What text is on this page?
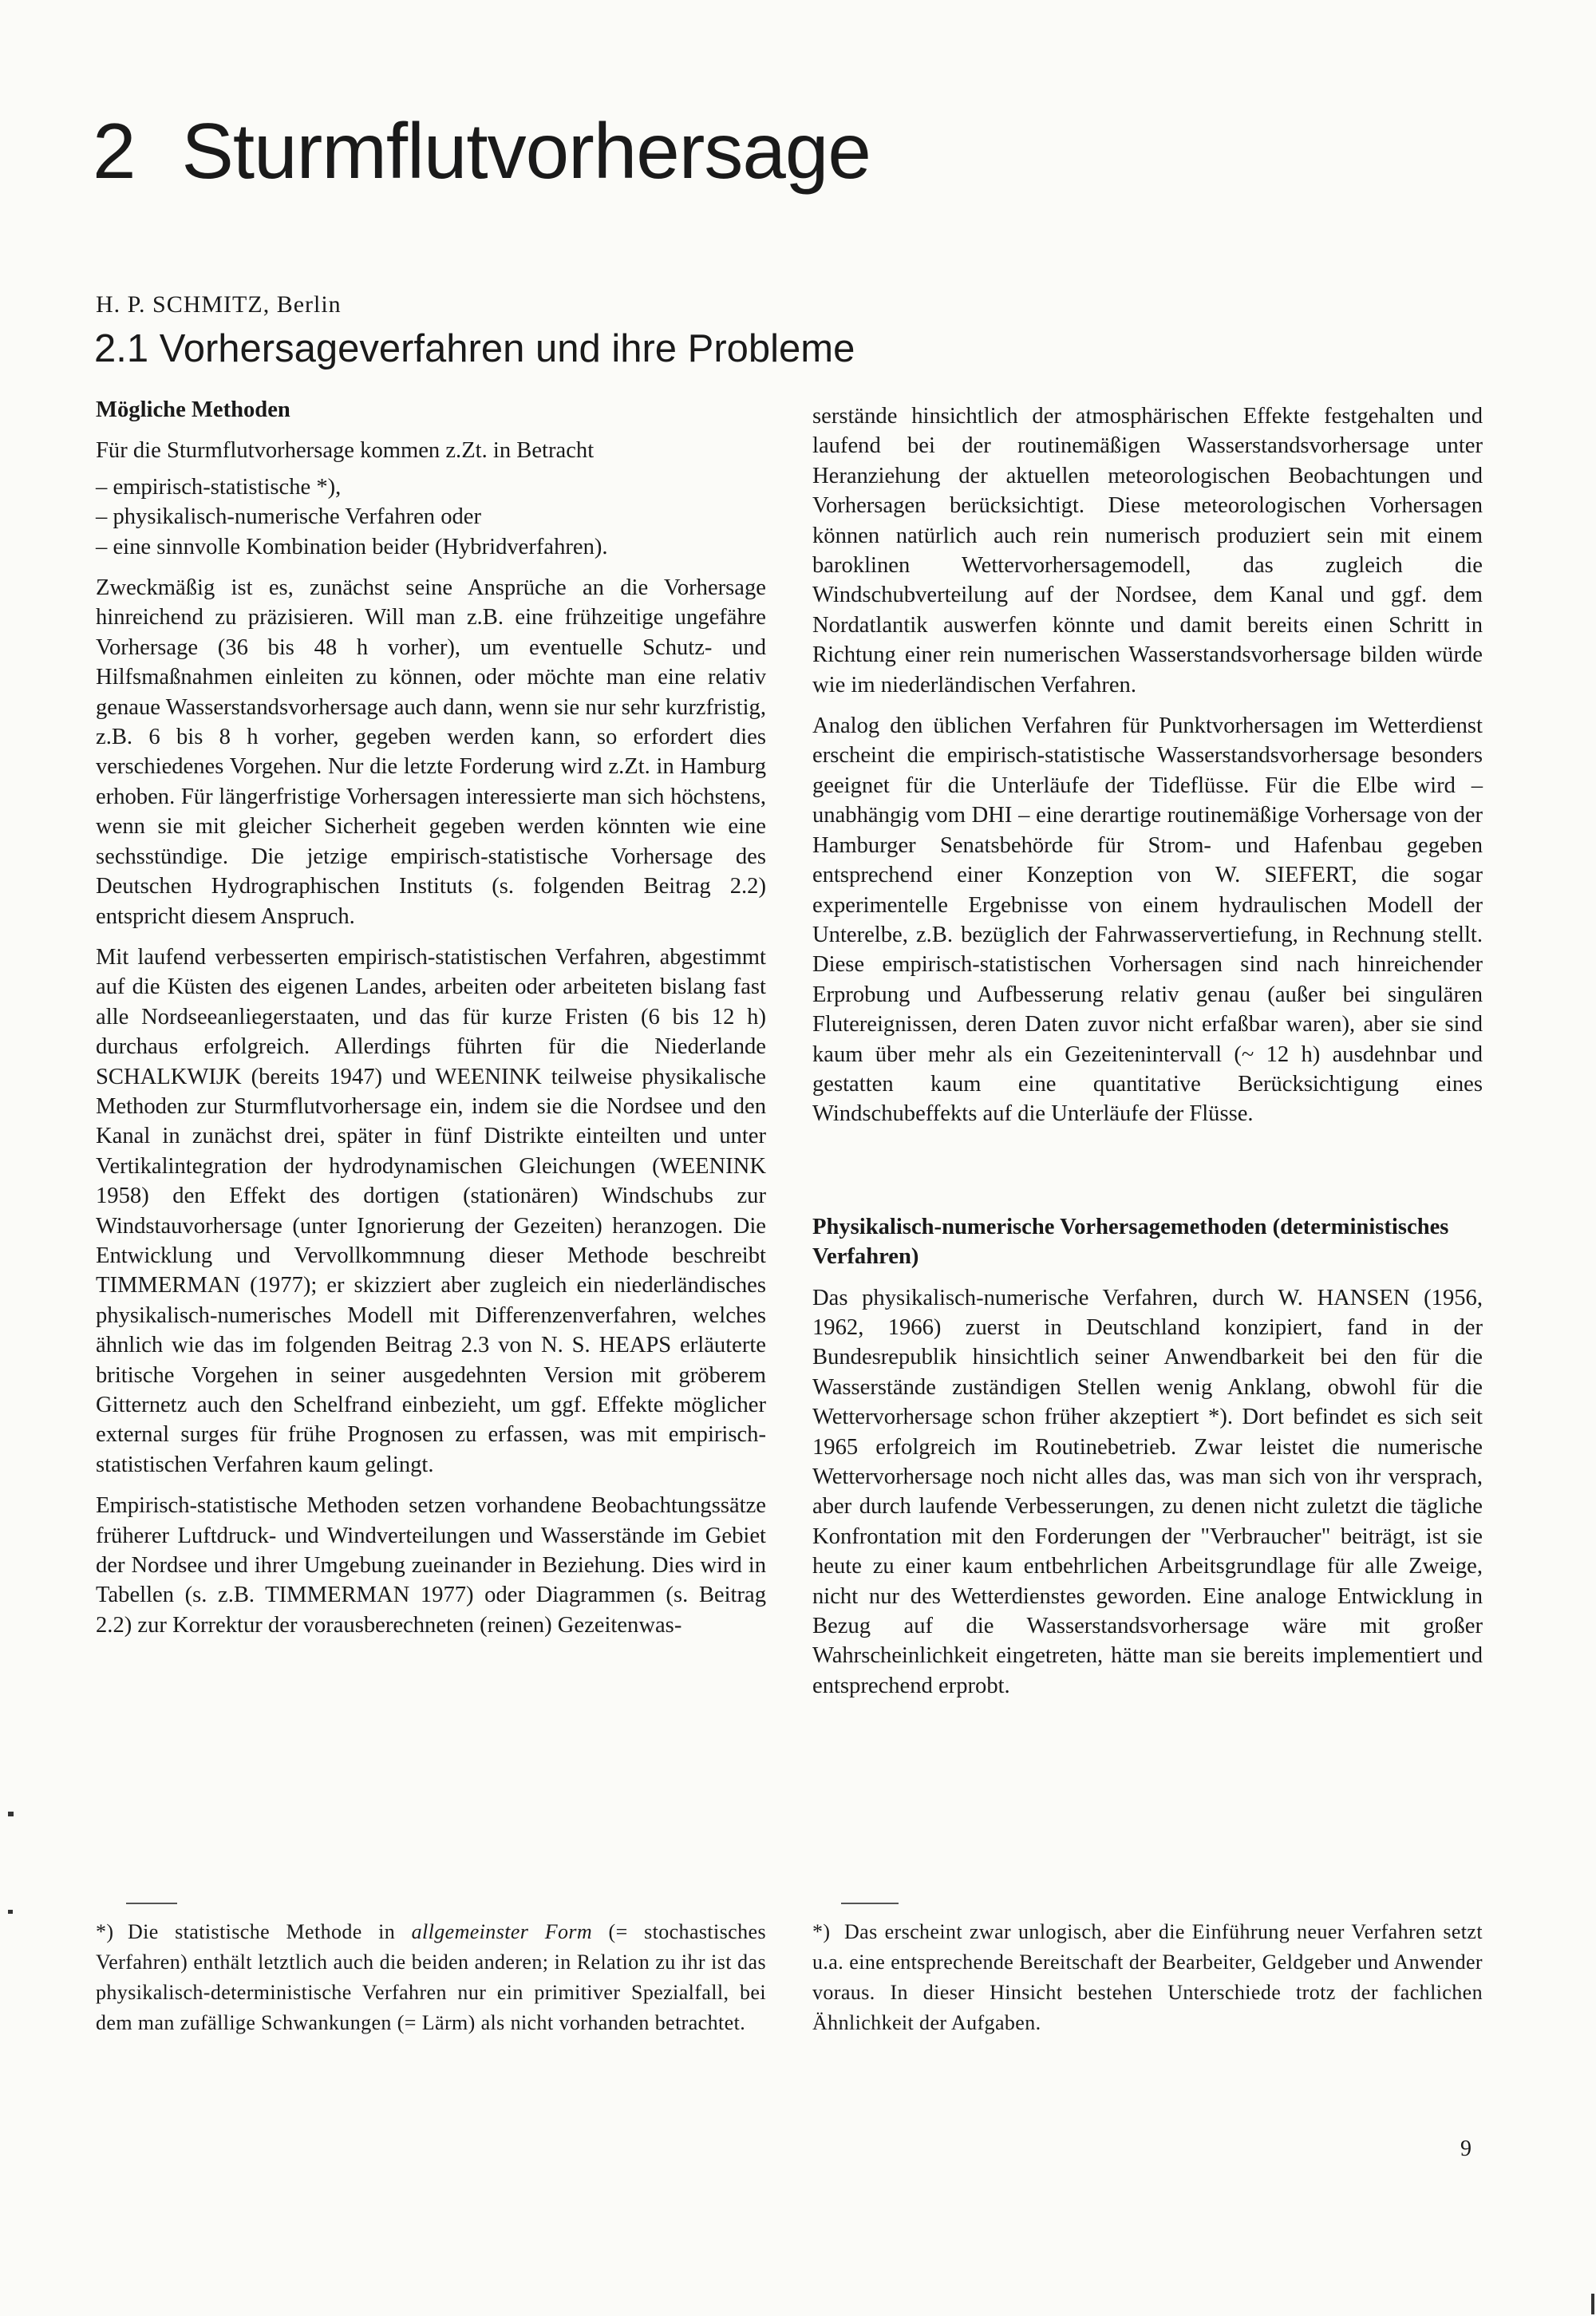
2 Sturmflutvorhersage
H. P. SCHMITZ, Berlin
2.1 Vorhersageverfahren und ihre Probleme
Mögliche Methoden

Für die Sturmflutvorhersage kommen z.Zt. in Betracht

– empirisch-statistische *),
– physikalisch-numerische Verfahren oder
– eine sinnvolle Kombination beider (Hybridverfahren).

Zweckmäßig ist es, zunächst seine Ansprüche an die Vorhersage hinreichend zu präzisieren. Will man z.B. eine frühzeitige ungefähre Vorhersage (36 bis 48 h vorher), um eventuelle Schutz- und Hilfsmaßnahmen einleiten zu können, oder möchte man eine relativ genaue Wasserstandsvorhersage auch dann, wenn sie nur sehr kurzfristig, z.B. 6 bis 8 h vorher, gegeben werden kann, so erfordert dies verschiedenes Vorgehen. Nur die letzte Forderung wird z.Zt. in Hamburg erhoben. Für längerfristige Vorhersagen interessierte man sich höchstens, wenn sie mit gleicher Sicherheit gegeben werden könnten wie eine sechsstündige. Die jetzige empirisch-statistische Vorhersage des Deutschen Hydrographischen Instituts (s. folgenden Beitrag 2.2) entspricht diesem Anspruch.

Mit laufend verbesserten empirisch-statistischen Verfahren, abgestimmt auf die Küsten des eigenen Landes, arbeiten oder arbeiteten bislang fast alle Nordseeanliegerstaaten, und das für kurze Fristen (6 bis 12 h) durchaus erfolgreich. Allerdings führten für die Niederlande SCHALKWIJK (bereits 1947) und WEENINK teilweise physikalische Methoden zur Sturmflutvorhersage ein, indem sie die Nordsee und den Kanal in zunächst drei, später in fünf Distrikte einteilten und unter Vertikalintegration der hydrodynamischen Gleichungen (WEENINK 1958) den Effekt des dortigen (stationären) Windschubs zur Windstauvorhersage (unter Ignorierung der Gezeiten) heranzogen. Die Entwicklung und Vervollkommnung dieser Methode beschreibt TIMMERMAN (1977); er skizziert aber zugleich ein niederländisches physikalisch-numerisches Modell mit Differenzenverfahren, welches ähnlich wie das im folgenden Beitrag 2.3 von N. S. HEAPS erläuterte britische Vorgehen in seiner ausgedehnten Version mit gröberem Gitternetz auch den Schelfrand einbezieht, um ggf. Effekte möglicher external surges für frühe Prognosen zu erfassen, was mit empirisch-statistischen Verfahren kaum gelingt.

Empirisch-statistische Methoden setzen vorhandene Beobachtungssätze früherer Luftdruck- und Windverteilungen und Wasserstände im Gebiet der Nordsee und ihrer Umgebung zueinander in Beziehung. Dies wird in Tabellen (s. z.B. TIMMERMAN 1977) oder Diagrammen (s. Beitrag 2.2) zur Korrektur der vorausberechneten (reinen) Gezeitenwas-

serstände hinsichtlich der atmosphärischen Effekte festgehalten und laufend bei der routinemäßigen Wasserstandsvorhersage unter Heranziehung der aktuellen meteorologischen Beobachtungen und Vorhersagen berücksichtigt. Diese meteorologischen Vorhersagen können natürlich auch rein numerisch produziert sein mit einem baroklinen Wettervorhersagemodell, das zugleich die Windschubverteilung auf der Nordsee, dem Kanal und ggf. dem Nordatlantik auswerfen könnte und damit bereits einen Schritt in Richtung einer rein numerischen Wasserstandsvorhersage bilden würde wie im niederländischen Verfahren.

Analog den üblichen Verfahren für Punktvorhersagen im Wetterdienst erscheint die empirisch-statistische Wasserstandsvorhersage besonders geeignet für die Unterläufe der Tideflüsse. Für die Elbe wird – unabhängig vom DHI – eine derartige routinemäßige Vorhersage von der Hamburger Senatsbehörde für Strom- und Hafenbau gegeben entsprechend einer Konzeption von W. SIEFERT, die sogar experimentelle Ergebnisse von einem hydraulischen Modell der Unterelbe, z.B. bezüglich der Fahrwasservertiefung, in Rechnung stellt. Diese empirisch-statistischen Vorhersagen sind nach hinreichender Erprobung und Aufbesserung relativ genau (außer bei singulären Flutereignissen, deren Daten zuvor nicht erfaßbar waren), aber sie sind kaum über mehr als ein Gezeitenintervall (~ 12 h) ausdehnbar und gestatten kaum eine quantitative Berücksichtigung eines Windschubeffekts auf die Unterläufe der Flüsse.

Physikalisch-numerische Vorhersagemethoden (deterministisches Verfahren)

Das physikalisch-numerische Verfahren, durch W. HANSEN (1956, 1962, 1966) zuerst in Deutschland konzipiert, fand in der Bundesrepublik hinsichtlich seiner Anwendbarkeit bei den für die Wasserstände zuständigen Stellen wenig Anklang, obwohl für die Wettervorhersage schon früher akzeptiert *). Dort befindet es sich seit 1965 erfolgreich im Routinebetrieb. Zwar leistet die numerische Wettervorhersage noch nicht alles das, was man sich von ihr versprach, aber durch laufende Verbesserungen, zu denen nicht zuletzt die tägliche Konfrontation mit den Forderungen der "Verbraucher" beiträgt, ist sie heute zu einer kaum entbehrlichen Arbeitsgrundlage für alle Zweige, nicht nur des Wetterdienstes geworden. Eine analoge Entwicklung in Bezug auf die Wasserstandsvorhersage wäre mit großer Wahrscheinlichkeit eingetreten, hätte man sie bereits implementiert und entsprechend erprobt.

*) Die statistische Methode in allgemeinster Form (= stochastisches Verfahren) enthält letztlich auch die beiden anderen; in Relation zu ihr ist das physikalisch-deterministische Verfahren nur ein primitiver Spezialfall, bei dem man zufällige Schwankungen (= Lärm) als nicht vorhanden betrachtet.
*) Das erscheint zwar unlogisch, aber die Einführung neuer Verfahren setzt u.a. eine entsprechende Bereitschaft der Bearbeiter, Geldgeber und Anwender voraus. In dieser Hinsicht bestehen Unterschiede trotz der fachlichen Ähnlichkeit der Aufgaben.
9
